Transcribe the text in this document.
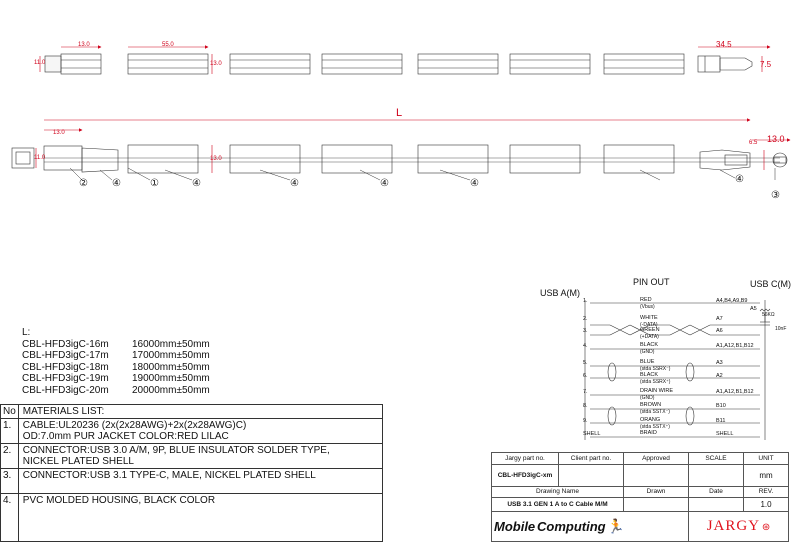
13.0
11.0
55.0
13.0
34.5
7.5
L
13.0
11.0	13.0
13.0
6.5
② ④	①	④	④	④	④	④
③
PIN OUT
USB A(M)
USB C(M)
A5
56KΩ
10nF
1.	RED
(Vbus)
A4,B4,A9,B9
2.	WHITE
(-DATA)
A7
3.	GREEN
(+DATA)
A6
4.	BLACK
(GND)
A1,A12,B1,B12
5.	BLUE
(stda SSRX⁻)
A3
6.	BLACK
(stda SSRX⁺)
A2
7.	DRAIN WIRE
(GND)
A1,A12,B1,B12
8.	BROWN
(stda SSTX⁻)
B10
9.	ORANG
(stda SSTX⁺)
B11
SHELL	BRAID	SHELL
L:
CBL-HFD3igC-16m	16000mm±50mm
CBL-HFD3igC-17m	17000mm±50mm
CBL-HFD3igC-18m	18000mm±50mm
CBL-HFD3igC-19m	19000mm±50mm
CBL-HFD3igC-20m	20000mm±50mm
No	MATERIALS LIST:
1.	CABLE:UL20236 (2x(2x28AWG)+2x(2x28AWG)C)
OD:7.0mm PUR JACKET COLOR:RED LILAC

2.	CONNECTOR:USB 3.0 A/M, 9P, BLUE INSULATOR SOLDER TYPE,
NICKEL PLATED SHELL

3.	CONNECTOR:USB 3.1 TYPE-C, MALE, NICKEL PLATED SHELL

4.	PVC MOLDED HOUSING, BLACK COLOR
Jargy part no.	Client part no.	Approved	SCALE	UNIT
CBL-HFD3igC-xm				mm
Drawing Name		Drawn	Date	REV.
USB 3.1 GEN 1 A to C Cable M/M				1.0
Mobile Computing 🏃			JARGY ⊛	
